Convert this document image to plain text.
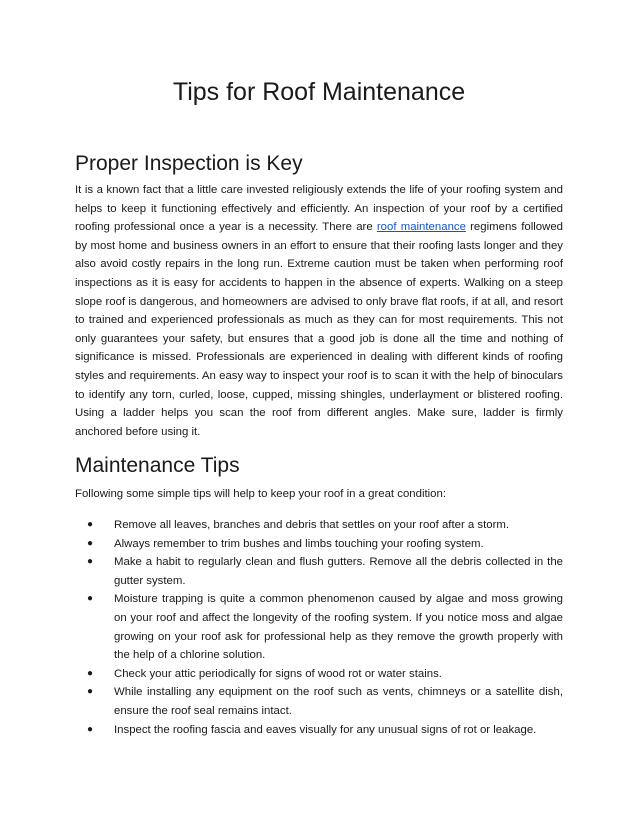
Tips for Roof Maintenance
Proper Inspection is Key

It is a known fact that a little care invested religiously extends the life of your roofing system and helps to keep it functioning effectively and efficiently. An inspection of your roof by a certified roofing professional once a year is a necessity. There are roof maintenance regimens followed by most home and business owners in an effort to ensure that their roofing lasts longer and they also avoid costly repairs in the long run. Extreme caution must be taken when performing roof inspections as it is easy for accidents to happen in the absence of experts. Walking on a steep slope roof is dangerous, and homeowners are advised to only brave flat roofs, if at all, and resort to trained and experienced professionals as much as they can for most requirements. This not only guarantees your safety, but ensures that a good job is done all the time and nothing of significance is missed. Professionals are experienced in dealing with different kinds of roofing styles and requirements. An easy way to inspect your roof is to scan it with the help of binoculars to identify any torn, curled, loose, cupped, missing shingles, underlayment or blistered roofing. Using a ladder helps you scan the roof from different angles. Make sure, ladder is firmly anchored before using it.

Maintenance Tips

Following some simple tips will help to keep your roof in a great condition:

● Remove all leaves, branches and debris that settles on your roof after a storm.
● Always remember to trim bushes and limbs touching your roofing system.
● Make a habit to regularly clean and flush gutters. Remove all the debris collected in the gutter system.
● Moisture trapping is quite a common phenomenon caused by algae and moss growing on your roof and affect the longevity of the roofing system. If you notice moss and algae growing on your roof ask for professional help as they remove the growth properly with the help of a chlorine solution.
● Check your attic periodically for signs of wood rot or water stains.
● While installing any equipment on the roof such as vents, chimneys or a satellite dish, ensure the roof seal remains intact.
● Inspect the roofing fascia and eaves visually for any unusual signs of rot or leakage.
